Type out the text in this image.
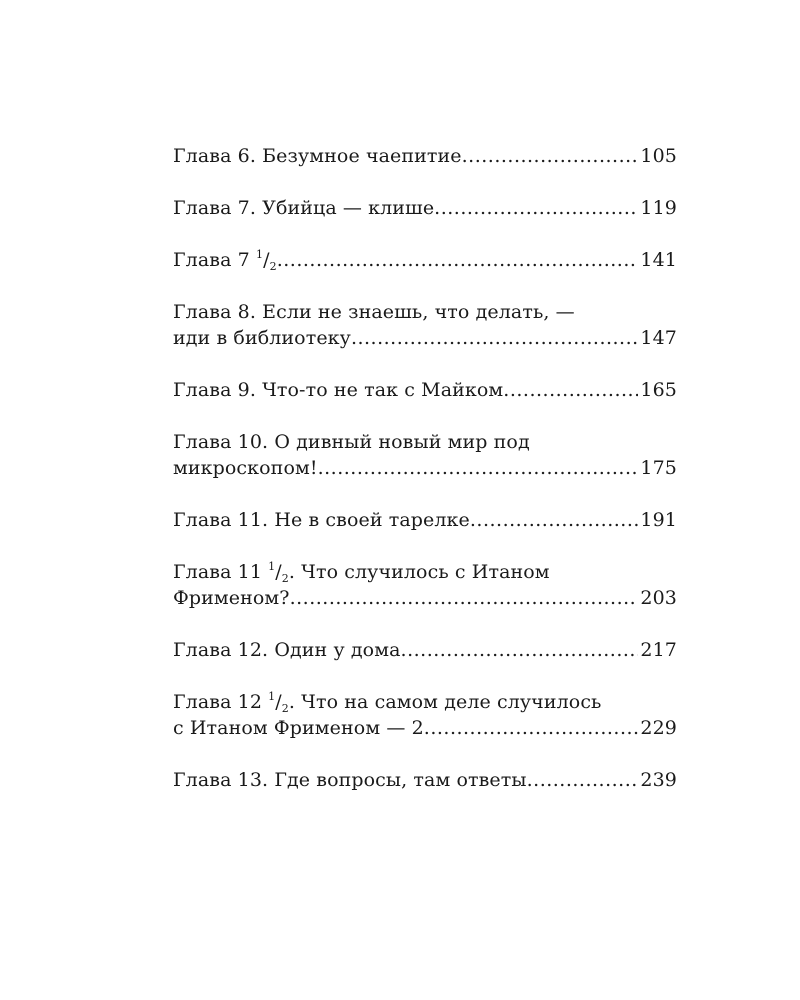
Глава 6. Безумное чаепитие .....	105
Глава 7. Убийца — клише .....	119
Глава 7 $^1/_2$ .....	141
Глава 8. Если не знаешь, что делать, —
иди в библиотеку .....	147
Глава 9. Что-то не так с Майком .....	165
Глава 10. О дивный новый мир под
микроскопом! .....	175
Глава 11. Не в своей тарелке .....	191
Глава 11 $^1/_2$. Что случилось с Итаном
Фрименом? .....	203
Глава 12. Один у дома .....	217
Глава 12 $^1/_2$. Что на самом деле случилось
с Итаном Фрименом — 2 .....	229
Глава 13. Где вопросы, там ответы .....	239
